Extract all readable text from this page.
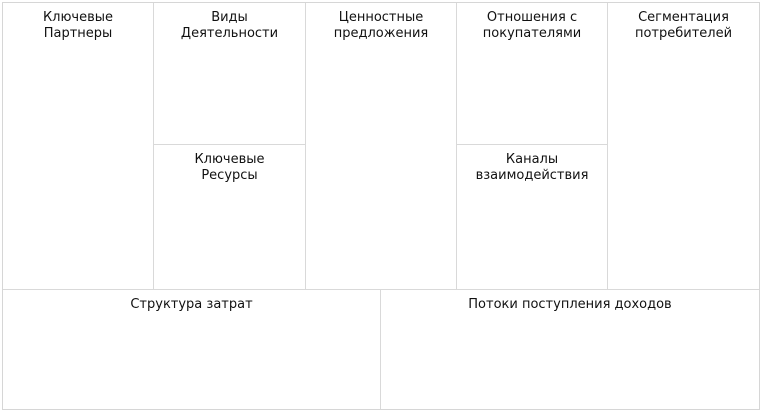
Ключевые
Партнеры
Виды
Деятельности
Ключевые
Ресурсы
Ценностные
предложения
Отношения с
покупателями
Каналы
взаимодействия
Сегментация
потребителей
Структура затрат	Потоки поступления доходов
